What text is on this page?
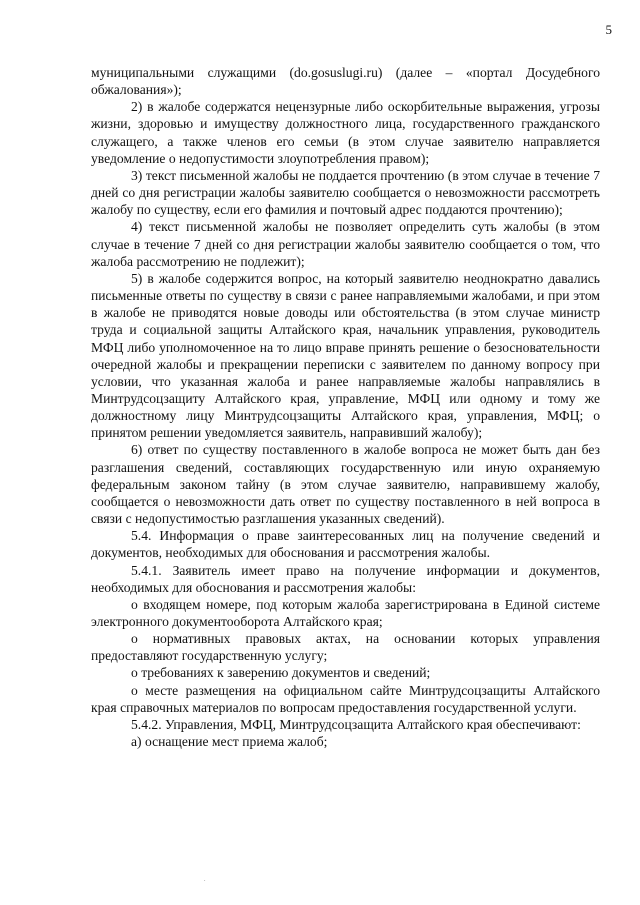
5

муниципальными служащими (do.gosuslugi.ru) (далее – «портал Досудебного обжалования»);

2) в жалобе содержатся нецензурные либо оскорбительные выражения, угрозы жизни, здоровью и имуществу должностного лица, государственного гражданского служащего, а также членов его семьи (в этом случае заявителю направляется уведомление о недопустимости злоупотребления правом);

3) текст письменной жалобы не поддается прочтению (в этом случае в течение 7 дней со дня регистрации жалобы заявителю сообщается о невозможности рассмотреть жалобу по существу, если его фамилия и почтовый адрес поддаются прочтению);

4) текст письменной жалобы не позволяет определить суть жалобы (в этом случае в течение 7 дней со дня регистрации жалобы заявителю сообщается о том, что жалоба рассмотрению не подлежит);

5) в жалобе содержится вопрос, на который заявителю неоднократно давались письменные ответы по существу в связи с ранее направляемыми жалобами, и при этом в жалобе не приводятся новые доводы или обстоятельства (в этом случае министр труда и социальной защиты Алтайского края, начальник управления, руководитель МФЦ либо уполномоченное на то лицо вправе принять решение о безосновательности очередной жалобы и прекращении переписки с заявителем по данному вопросу при условии, что указанная жалоба и ранее направляемые жалобы направлялись в Минтрудсоцзащиту Алтайского края, управление, МФЦ или одному и тому же должностному лицу Минтрудсоцзащиты Алтайского края, управления, МФЦ; о принятом решении уведомляется заявитель, направивший жалобу);

6) ответ по существу поставленного в жалобе вопроса не может быть дан без разглашения сведений, составляющих государственную или иную охраняемую федеральным законом тайну (в этом случае заявителю, направившему жалобу, сообщается о невозможности дать ответ по существу поставленного в ней вопроса в связи с недопустимостью разглашения указанных сведений).

5.4. Информация о праве заинтересованных лиц на получение сведений и документов, необходимых для обоснования и рассмотрения жалобы.

5.4.1. Заявитель имеет право на получение информации и документов, необходимых для обоснования и рассмотрения жалобы:

о входящем номере, под которым жалоба зарегистрирована в Единой системе электронного документооборота Алтайского края;

о нормативных правовых актах, на основании которых управления предоставляют государственную услугу;

о требованиях к заверению документов и сведений;

о месте размещения на официальном сайте Минтрудсоцзащиты Алтайского края справочных материалов по вопросам предоставления государственной услуги.

5.4.2. Управления, МФЦ, Минтрудсоцзащита Алтайского края обеспечивают:

а) оснащение мест приема жалоб;

.
